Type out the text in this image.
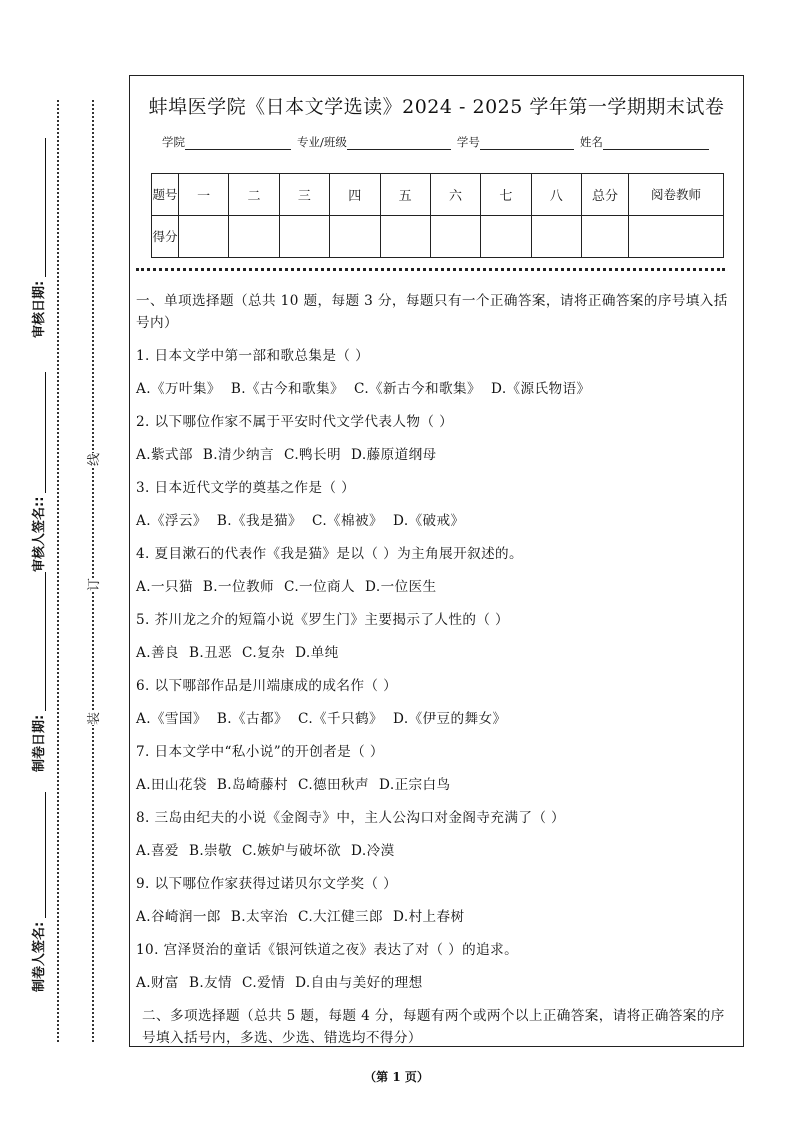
审核日期:
审核人签名::
制卷日期:
制卷人签名:
线
订
装
蚌埠医学院《日本文学选读》2024 - 2025 学年第一学期期末试卷
学院	专业/班级	学号	姓名
题号	一	二	三	四	五	六	七	八	总分	阅卷教师
得分										

一、单项选择题（总共 10 题，每题 3 分，每题只有一个正确答案，请将正确答案的序号填入括号内）

1. 日本文学中第一部和歌总集是（ ）

A.《万叶集》 B.《古今和歌集》 C.《新古今和歌集》 D.《源氏物语》

2. 以下哪位作家不属于平安时代文学代表人物（ ）

A.紫式部 B.清少纳言 C.鸭长明 D.藤原道纲母

3. 日本近代文学的奠基之作是（ ）

A.《浮云》 B.《我是猫》 C.《棉被》 D.《破戒》

4. 夏目漱石的代表作《我是猫》是以（ ）为主角展开叙述的。

A.一只猫 B.一位教师 C.一位商人 D.一位医生

5. 芥川龙之介的短篇小说《罗生门》主要揭示了人性的（ ）

A.善良 B.丑恶 C.复杂 D.单纯

6. 以下哪部作品是川端康成的成名作（ ）

A.《雪国》 B.《古都》 C.《千只鹤》 D.《伊豆的舞女》

7. 日本文学中“私小说”的开创者是（ ）

A.田山花袋 B.岛崎藤村 C.德田秋声 D.正宗白鸟

8. 三岛由纪夫的小说《金阁寺》中，主人公沟口对金阁寺充满了（ ）

A.喜爱 B.崇敬 C.嫉妒与破坏欲 D.冷漠

9. 以下哪位作家获得过诺贝尔文学奖（ ）

A.谷崎润一郎 B.太宰治 C.大江健三郎 D.村上春树

10. 宫泽贤治的童话《银河铁道之夜》表达了对（ ）的追求。

A.财富 B.友情 C.爱情 D.自由与美好的理想

二、多项选择题（总共 5 题，每题 4 分，每题有两个或两个以上正确答案，请将正确答案的序号填入括号内，多选、少选、错选均不得分）

（第 1 页）
